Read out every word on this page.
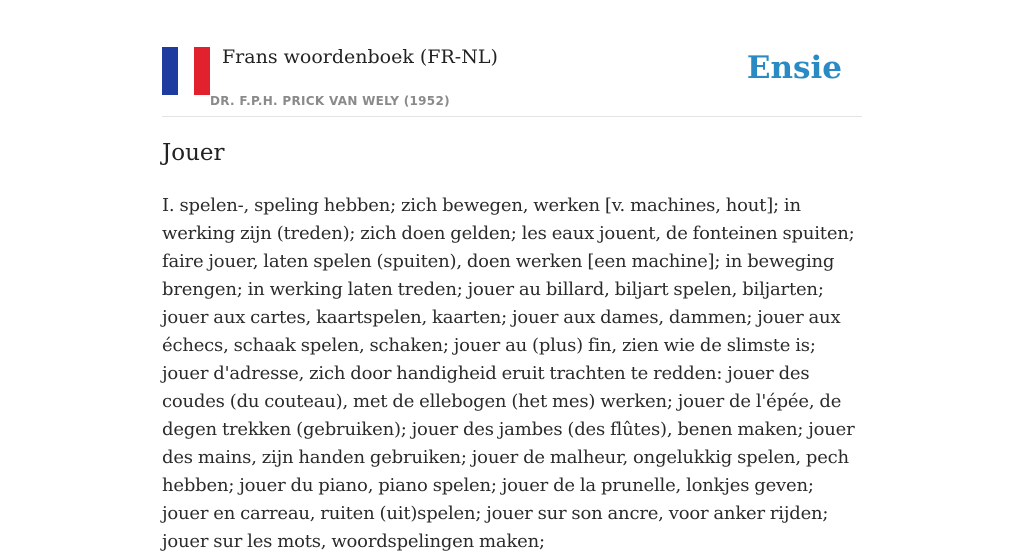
Frans woordenboek (FR-NL)
DR. F.P.H. PRICK VAN WELY (1952)
Ensie
Jouer

I. spelen-, speling hebben; zich bewegen, werken [v. machines, hout]; in werking zijn (treden); zich doen gelden; les eaux jouent, de fonteinen spuiten; faire jouer, laten spelen (spuiten), doen werken [een machine]; in beweging brengen; in werking laten treden; jouer au billard, biljart spelen, biljarten; jouer aux cartes, kaartspelen, kaarten; jouer aux dames, dammen; jouer aux échecs, schaak spelen, schaken; jouer au (plus) fin, zien wie de slimste is; jouer d'adresse, zich door handigheid eruit trachten te redden: jouer des coudes (du couteau), met de ellebogen (het mes) werken; jouer de l'épée, de degen trekken (gebruiken); jouer des jambes (des flûtes), benen maken; jouer des mains, zijn handen gebruiken; jouer de malheur, ongelukkig spelen, pech hebben; jouer du piano, piano spelen; jouer de la prunelle, lonkjes geven; jouer en carreau, ruiten (uit)spelen; jouer sur son ancre, voor anker rijden; jouer sur les mots, woordspelingen maken;
